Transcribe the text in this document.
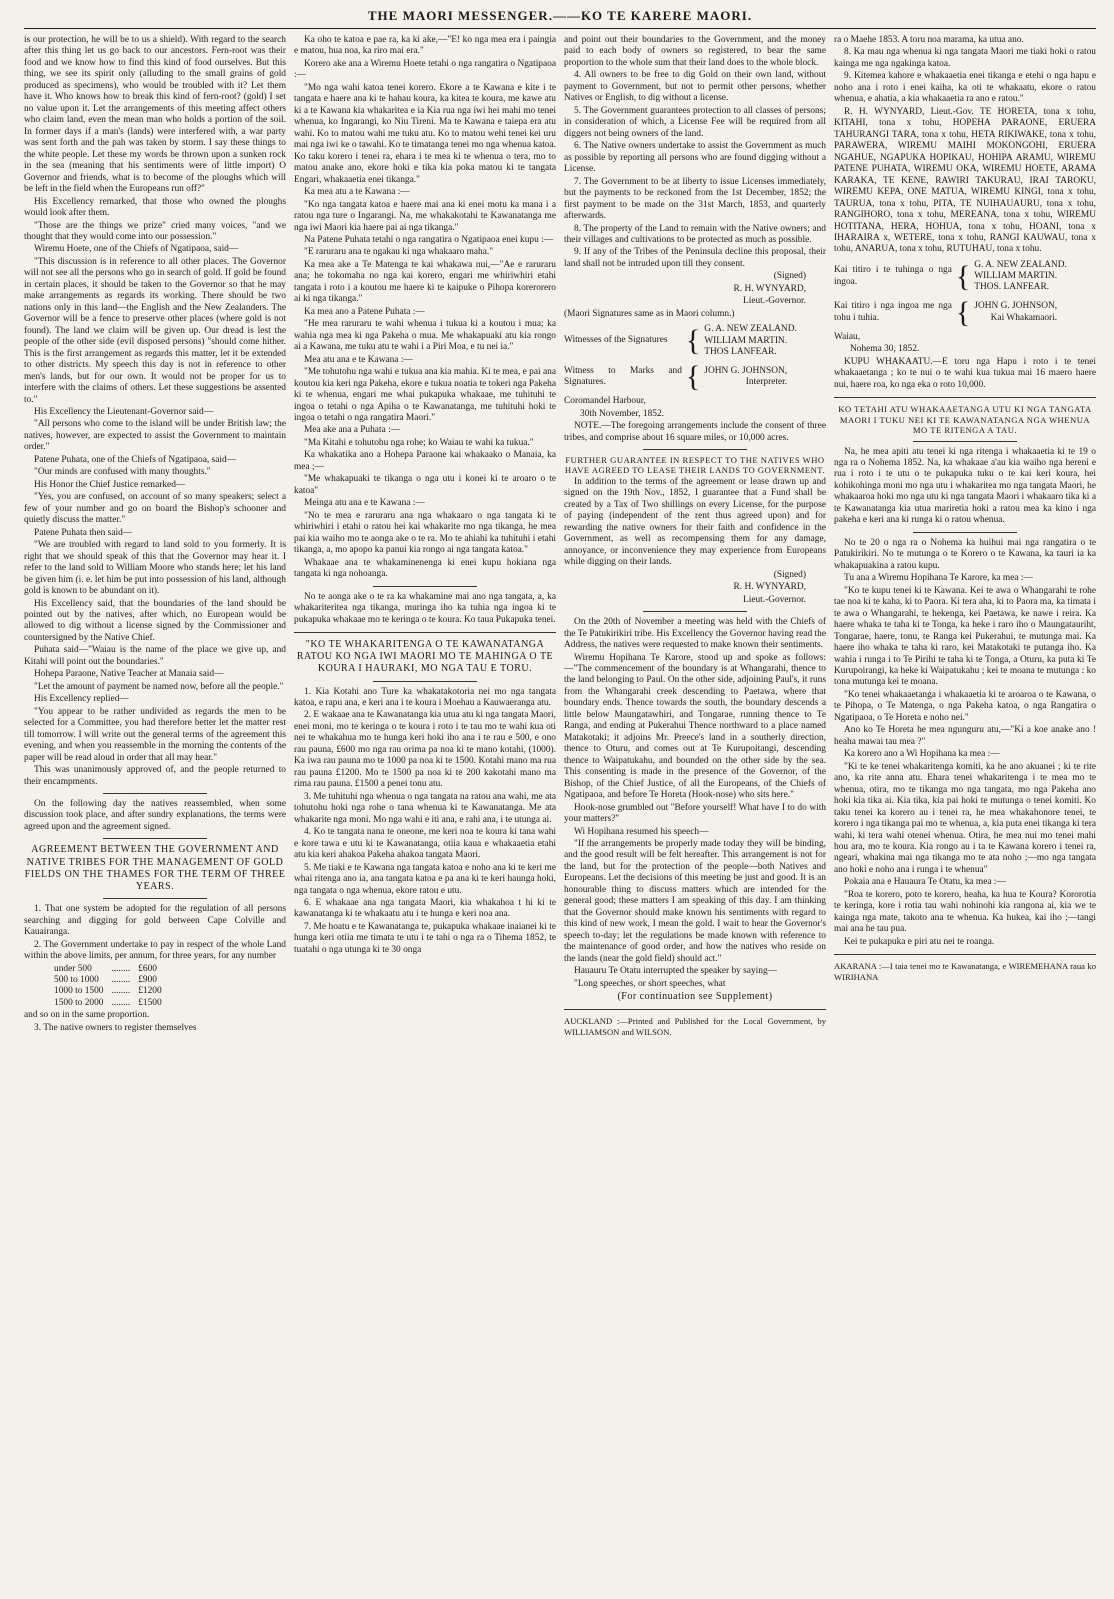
THE MAORI MESSENGER.——KO TE KARERE MAORI.

is our protection, he will be to us a shield). With regard to the search after this thing let us go back to our ancestors. Fern-root was their food and we know how to find this kind of food ourselves. But this thing, we see its spirit only (alluding to the small grains of gold produced as specimens), who would be troubled with it? Let them have it. Who knows how to break this kind of fern-root? (gold) I set no value upon it. Let the arrangements of this meeting affect others who claim land, even the mean man who holds a portion of the soil. In former days if a man's (lands) were interfered with, a war party was sent forth and the pah was taken by storm. I say these things to the white people. Let these my words be thrown upon a sunken rock in the sea (meaning that his sentiments were of little import) O Governor and friends, what is to become of the ploughs which will be left in the field when the Europeans run off?"

His Excellency remarked, that those who owned the ploughs would look after them.

"Those are the things we prize" cried many voices, "and we thought that they would come into our possession."

Wiremu Hoete, one of the Chiefs of Ngatipaoa, said—

"This discussion is in reference to all other places. The Governor will not see all the persons who go in search of gold. If gold be found in certain places, it should be taken to the Governor so that he may make arrangements as regards its working. There should be two nations only in this land—the English and the New Zealanders. The Governor will be a fence to preserve other places (where gold is not found). The land we claim will be given up. Our dread is lest the people of the other side (evil disposed persons) "should come hither. This is the first arrangement as regards this matter, let it be extended to other districts. My speech this day is not in reference to other men's lands, but for our own. It would not be proper for us to interfere with the claims of others. Let these suggestions be assented to."

His Excellency the Lieutenant-Governor said—

"All persons who come to the island will be under British law; the natives, however, are expected to assist the Government to maintain order."

Patene Puhata, one of the Chiefs of Ngatipaoa, said—

"Our minds are confused with many thoughts."

His Honor the Chief Justice remarked—

"Yes, you are confused, on account of so many speakers; select a few of your number and go on board the Bishop's schooner and quietly discuss the matter."

Patene Puhata then said—

"We are troubled with regard to land sold to you formerly. It is right that we should speak of this that the Governor may hear it. I refer to the land sold to William Moore who stands here; let his land be given him (i. e. let him be put into possession of his land, although gold is known to be abundant on it).

His Excellency said, that the boundaries of the land should be pointed out by the natives, after which, no European would be allowed to dig without a license signed by the Commissioner and countersigned by the Native Chief.

Puhata said—"Waiau is the name of the place we give up, and Kitahi will point out the boundaries."

Hohepa Paraone, Native Teacher at Manaia said—

"Let the amount of payment be named now, before all the people."

His Excellency replied—

"You appear to be rather undivided as regards the men to be selected for a Committee, you had therefore better let the matter rest till tomorrow. I will write out the general terms of the agreement this evening, and when you reassemble in the morning the contents of the paper will be read aloud in order that all may hear."

This was unanimously approved of, and the people returned to their encampments.

On the following day the natives reassembled, when some discussion took place, and after sundry explanations, the terms were agreed upon and the agreement signed.

AGREEMENT BETWEEN THE GOVERNMENT AND NATIVE TRIBES FOR THE MANAGEMENT OF GOLD FIELDS ON THE THAMES FOR THE TERM OF THREE YEARS.

1. That one system be adopted for the regulation of all persons searching and digging for gold between Cape Colville and Kauairanga.

2. The Government undertake to pay in respect of the whole Land within the above limits, per annum, for three years, for any number

under 500	........	£600
500 to 1000	........	£900
1000 to 1500	........	£1200
1500 to 2000	........	£1500

and so on in the same proportion.

3. The native owners to register themselves

Ka oho te katoa e pae ra, ka ki ake,—"E! ko nga mea era i paingia e matou, hua noa, ka riro mai era."

Korero ake ana a Wiremu Hoete tetahi o nga rangatira o Ngatipaoa :—

"Mo nga wahi katoa tenei korero. Ekore a te Kawana e kite i te tangata e haere ana ki te hahau koura, ka kitea te koura, me kawe atu ki a te Kawana kia whakaritea e ia Kia rua nga iwi hei mahi mo tenei whenua, ko Ingarangi, ko Niu Tireni. Ma te Kawana e taiepa era atu wahi. Ko to matou wahi me tuku atu. Ko to matou wehi tenei kei uru mai nga iwi ke o tawahi. Ko te timatanga tenei mo nga whenua katoa. Ko taku korero i tenei ra, ehara i te mea ki te whenua o tera, mo to matou anake ano, ekore hoki e tika kia poka matou ki te tangata Engari, whakaaetia enei tikanga."

Ka mea atu a te Kawana :—

"Ko nga tangata katoa e haere mai ana ki enei motu ka mana i a ratou nga ture o Ingarangi. Na, me whakakotahi te Kawanatanga me nga iwi Maori kia haere pai ai nga tikanga."

Na Patene Puhata tetahi o nga rangatira o Ngatipaoa enei kupu :—

"E raruraru ana te ngakau ki nga whakaaro maha."

Ka mea ake a Te Matenga te kai whakawa nui,—"Ae e raruraru ana; he tokomaha no nga kai korero, engari me whiriwhiri etahi tangata i roto i a koutou me haere ki te kaipuke o Pihopa korerorero ai ki nga tikanga."

Ka mea ano a Patene Puhata :—

"He mea raruraru te wahi whenua i tukua ki a koutou i mua; ka wahia nga mea ki nga Pakeha o mua. Me whakapuaki atu kia rongo ai a Kawana, me tuku atu te wahi i a Piri Moa, e tu nei ia."

Mea atu ana e te Kawana :—

"Me tohutohu nga wahi e tukua ana kia mahia. Ki te mea, e pai ana koutou kia keri nga Pakeha, ekore e tukua noatia te tokeri nga Pakeha ki te whenua, engari me whai pukapuka whakaae, me tuhituhi te ingoa o tetahi o nga Apiha o te Kawanatanga, me tuhituhi hoki te ingoa o tetahi o nga rangatira Maori."

Mea ake ana a Puhata :—

"Ma Kitahi e tohutohu nga rohe; ko Waiau te wahi ka tukua."

Ka whakatika ano a Hohepa Paraone kai whakaako o Manaia, ka mea ;—

"Me whakapuaki te tikanga o nga utu i konei ki te aroaro o te katoa"

Meinga atu ana e te Kawana :—

"No te mea e raruraru ana nga whakaaro o nga tangata ki te whiriwhiri i etahi o ratou hei kai whakarite mo nga tikanga, he mea pai kia waiho mo te aonga ake o te ra. Mo te ahiahi ka tuhituhi i etahi tikanga, a, mo apopo ka panui kia rongo ai nga tangata katoa."

Whakaae ana te whakaminenenga ki enei kupu hokiana nga tangata ki nga nohoanga.

No te aonga ake o te ra ka whakamine mai ano nga tangata, a, ka whakariteritea nga tikanga, muringa iho ka tuhia nga ingoa ki te pukapuka whakaae mo te keringa o te koura. Ko taua Pukapuka tenei.

"KO TE WHAKARITENGA O TE KAWANATANGA RATOU KO NGA IWI MAORI MO TE MAHINGA O TE KOURA I HAURAKI, MO NGA TAU E TORU.

1. Kia Kotahi ano Ture ka whakatakotoria nei mo nga tangata katoa, e rapu ana, e keri ana i te koura i Moehau a Kauwaeranga atu.

2. E wakaae ana te Kawanatanga kia utua atu ki nga tangata Maori, enei moni, mo te keringa o te koura i roto i te tau mo te wahi kua oti nei te whakahua mo te hunga keri hoki iho ana i te rau e 500, e ono rau pauna, £600 mo nga rau orima pa noa ki te mano kotahi, (1000). Ka iwa rau pauna mo te 1000 pa noa ki te 1500. Kotahi mano ma rua rau pauna £1200. Mo te 1500 pa noa ki te 200 kakotahi mano ma rima rau pauna. £1500 a penei tonu atu.

3. Me tuhituhi nga whenua o nga tangata na ratou ana wahi, me ata tohutohu hoki nga rohe o tana whenua ki te Kawanatanga. Me ata whakarite nga moni. Mo nga wahi e iti ana, e rahi ana, i te utunga ai.

4. Ko te tangata nana te oneone, me keri noa te koura ki tana wahi e kore tawa e utu ki te Kawanatanga, otiia kaua e whakaaetia etahi atu kia keri ahakoa Pakeha ahakoa tangata Maori.

5. Me tiaki e te Kawana nga tangata katoa e noho ana ki te keri me whai ritenga ano ia, ana tangata katoa e pa ana ki te keri haunga hoki, nga tangata o nga whenua, ekore ratou e utu.

6. E whakaae ana nga tangata Maori, kia whakahoa t hi ki te kawanatanga ki te whakaatu atu i te hunga e keri noa ana.

7. Me hoatu e te Kawanatanga te, pukapuka whakaae inaianei ki te hunga keri otiia me timata te utu i te tahi o nga ra o Tihema 1852, te tuatahi o nga utunga ki te 30 onga

and point out their boundaries to the Government, and the money paid to each body of owners so registered, to bear the same proportion to the whole sum that their land does to the whole block.

4. All owners to be free to dig Gold on their own land, without payment to Government, but not to permit other persons, whether Natives or English, to dig without a license.

5. The Government guarantees protection to all classes of persons; in consideration of which, a License Fee will be required from all diggers not being owners of the land.

6. The Native owners undertake to assist the Government as much as possible by reporting all persons who are found digging without a License.

7. The Government to be at liberty to issue Licenses immediately, but the payments to be reckoned from the 1st December, 1852; the first payment to be made on the 31st March, 1853, and quarterly afterwards.

8. The property of the Land to remain with the Native owners; and their villages and cultivations to be protected as much as possible.

9. If any of the Tribes of the Peninsula decline this proposal, their land shall not be intruded upon till they consent.

(Signed)

R. H. WYNYARD,

Lieut.-Governor.

(Maori Signatures same as in Maori column.)

Witnesses of the Signatures { G. A. NEW ZEALAND.
WILLIAM MARTIN.
THOS LANFEAR.
Witness to Marks and Signatures.	{ JOHN G. JOHNSON,
Interpreter.

Coromandel Harbour,

30th November, 1852.

NOTE.—The foregoing arrangements include the consent of three tribes, and comprise about 16 square miles, or 10,000 acres.

FURTHER GUARANTEE IN RESPECT TO THE NATIVES WHO HAVE AGREED TO LEASE THEIR LANDS TO GOVERNMENT.

In addition to the terms of the agreement or lease drawn up and signed on the 19th Nov., 1852, I guarantee that a Fund shall be created by a Tax of Two shillings on every License, for the purpose of paying (independent of the rent thus agreed upon) and for rewarding the native owners for their faith and confidence in the Government, as well as recompensing them for any damage, annoyance, or inconvenience they may experience from Europeans while digging on their lands.

(Signed)

R. H. WYNYARD,

Lieut.-Governor.

On the 20th of November a meeting was held with the Chiefs of the Te Patukirikiri tribe. His Excellency the Governor having read the Address, the natives were requested to make known their sentiments.

Wiremu Hopihana Te Karore, stood up and spoke as follows:—"The commencement of the boundary is at Whangarahi, thence to the land belonging to Paul. On the other side, adjoining Paul's, it runs from the Whangarahi creek descending to Paetawa, where that boundary ends. Thence towards the south, the boundary descends a little below Maungatawhiri, and Tongarae, running thence to Te Ranga, and ending at Pukerahui Thence northward to a place named Matakotaki; it adjoins Mr. Preece's land in a southerly direction, thence to Oturu, and comes out at Te Kurupoitangi, descending thence to Waipatukahu, and bounded on the other side by the sea. This consenting is made in the presence of the Governor, of the Bishop, of the Chief Justice, of all the Europeans, of the Chiefs of Ngatipaoa, and before Te Horeta (Hook-nose) who sits here."

Hook-nose grumbled out "Before yourself! What have I to do with your matters?"

Wi Hopihana resumed his speech—

"If the arrangements be properly made today they will be binding, and the good result will be felt hereafter. This arrangement is not for the land, but for the protection of the people—both Natives and Europeans. Let the decisions of this meeting be just and good. It is an honourable thing to discuss matters which are intended for the general good; these matters I am speaking of this day. I am thinking that the Governor should make known his sentiments with regard to this kind of new work, I mean the gold. I wait to hear the Governor's speech to-day; let the regulations be made known with reference to the maintenance of good order, and how the natives who reside on the lands (near the gold field) should act."

Hauauru Te Otatu interrupted the speaker by saying—

"Long speeches, or short speeches, what

(For continuation see Supplement)

AUCKLAND :—Printed and Published for the Local Government, by WILLIAMSON and WILSON.

ra o Maehe 1853. A toru noa marama, ka utua ano.

8. Ka mau nga whenua ki nga tangata Maori me tiaki hoki o ratou kainga me nga ngakinga katoa.

9. Kitemea kahore e whakaaetia enei tikanga e etehi o nga hapu e noho ana i roto i enei kaiha, ka oti te whakaatu, ekore o ratou whenua, e ahatia, a kia whakaaetia ra ano e ratou."

R. H. WYNYARD, Lieut.-Gov. TE HORETA, tona x tohu, KITAHI, tona x tohu, HOPEHA PARAONE, ERUERA TAHURANGI TARA, tona x tohu, HETA RIKIWAKE, tona x tohu, PARAWERA, WIREMU MAIHI MOKONGOHI, ERUERA NGAHUE, NGAPUKA HOPIKAU, HOHIPA ARAMU, WIREMU PATENE PUHATA, WIREMU OKA, WIREMU HOETE, ARAMA KARAKA, TE KENE, RAWIRI TAKURAU, IRAI TAROKU, WIREMU KEPA, ONE MATUA, WIREMU KINGI, tona x tohu, TAURUA, tona x tohu, PITA, TE NUIHAUAURU, tona x tohu, RANGIHORO, tona x tohu, MEREANA, tona x tohu, WIREMU HOTITANA, HERA, HOHUA, tona x tohu, HOANI, tona x IHARAIRA x, WETERE, tona x tohu, RANGI KAUWAU, tona x tohu, ANARUA, tona x tohu, RUTUHAU, tona x tohu.

Kai titiro i te tuhinga o nga ingoa.	{ G. A. NEW ZEALAND.
WILLIAM MARTIN.
THOS. LANFEAR.
Kai titiro i nga ingoa me nga tohu i tuhia.	{ JOHN G. JOHNSON,
Kai Whakamaori.

Waiau,

Nohema 30, 1852.

KUPU WHAKAATU.—E toru nga Hapu i roto i te tenei whakaaetanga ; ko te nui o te wahi kua tukua mai 16 maero haere nui, haere roa, ko nga eka o roto 10,000.

KO TETAHI ATU WHAKAAETANGA UTU KI NGA TANGATA MAORI I TUKU NEI KI TE KAWANATANGA NGA WHENUA MO TE RITENGA A TAU.

Na, he mea apiti atu tenei ki nga ritenga i whakaaetia ki te 19 o nga ra o Nohema 1852. Na, ka whakaae a'au kia waiho nga hereni e rua i roto i te utu o te pukapuka tuku o te kai keri koura, hei kohikohinga moni mo nga utu i whakaritea mo nga tangata Maori, he whakaaroa hoki mo nga utu ki nga tangata Maori i whakaaro tika ki a te Kawanatanga kia utua mariretia hoki a ratou mea ka kino i nga pakeha e keri ana ki runga ki o ratou whenua.

No te 20 o nga ra o Nohema ka huihui mai nga rangatira o te Patukirikiri. No te mutunga o te Korero o te Kawana, ka tauri ia ka whakapuakina a ratou kupu.

Tu ana a Wiremu Hopihana Te Karore, ka mea :—

"Ko te kupu tenei ki te Kawana. Kei te awa o Whangarahi te rohe tae noa ki te kaha, ki to Paora. Ki tera aha, ki to Paora ma, ka timata i te awa o Whangarahi, te hekenga, kei Paetawa, ke nawe i reira. Ka haere whaka te taha ki te Tonga, ka heke i raro iho o Maungatauriht, Tongarae, haere, tonu, te Ranga kei Pukerahui, te mutunga mai. Ka haere iho whaka te taha ki raro, kei Matakotaki te putanga iho. Ka wahia i runga i to Te Pirihi te taha ki te Tonga, a Oturu, ka puta ki Te Kurupoirangi, ka heke ki Waipatukahu ; kei te moana te mutunga : ko tona mutunga kei te moana.

"Ko tenei whakaaetanga i whakaaetia ki te aroaroa o te Kawana, o te Pihopa, o Te Matenga, o nga Pakeha katoa, o nga Rangatira o Ngatipaoa, o Te Horeta e noho nei."

Ano ko Te Horeta he mea ngunguru atu,—"Ki a koe anake ano ! heaha mawai tau mea ?"

Ka korero ano a Wi Hopihana ka mea :—

"Ki te ke tenei whakaritenga komiti, ka he ano akuanei ; ki te rite ano, ka rite anna atu. Ehara tenei whakaritenga i te mea mo te whenua, otira, mo te tikanga mo nga tangata, mo nga Pakeha ano hoki kia tika ai. Kia tika, kia pai hoki te mutunga o tenei komiti. Ko taku tenei ka korero au i tenei ra, he mea whakahonore tenei, te korero i nga tikanga pai mo te whenua, a, kia puta enei tikanga ki tera wahi, ki tera wahi otenei whenua. Otira, he mea nui mo tenei mahi hou ara, mo te koura. Kia rongo au i ta te Kawana korero i tenei ra, ngeari, whakina mai nga tikanga mo te ata noho ;—mo nga tangata ano hoki e noho ana i runga i te whenua"

Pokaia ana e Hauaura Te Otatu, ka mea :—

"Roa te korero, poto te korero, heaha, ka hua te Koura? Kororotia te keringa, kore i rotia tau wahi nohinohi kia rangona ai, kia we te kainga nga mate, takoto ana te whenua. Ka hukea, kai iho ;—tangi mai ana he tau pua.

Kei te pukapuka e piri atu nei te roanga.

AKARANA :—I taia tenei mo te Kawanatanga, e WIREMEHANA raua ko WIRIHANA
